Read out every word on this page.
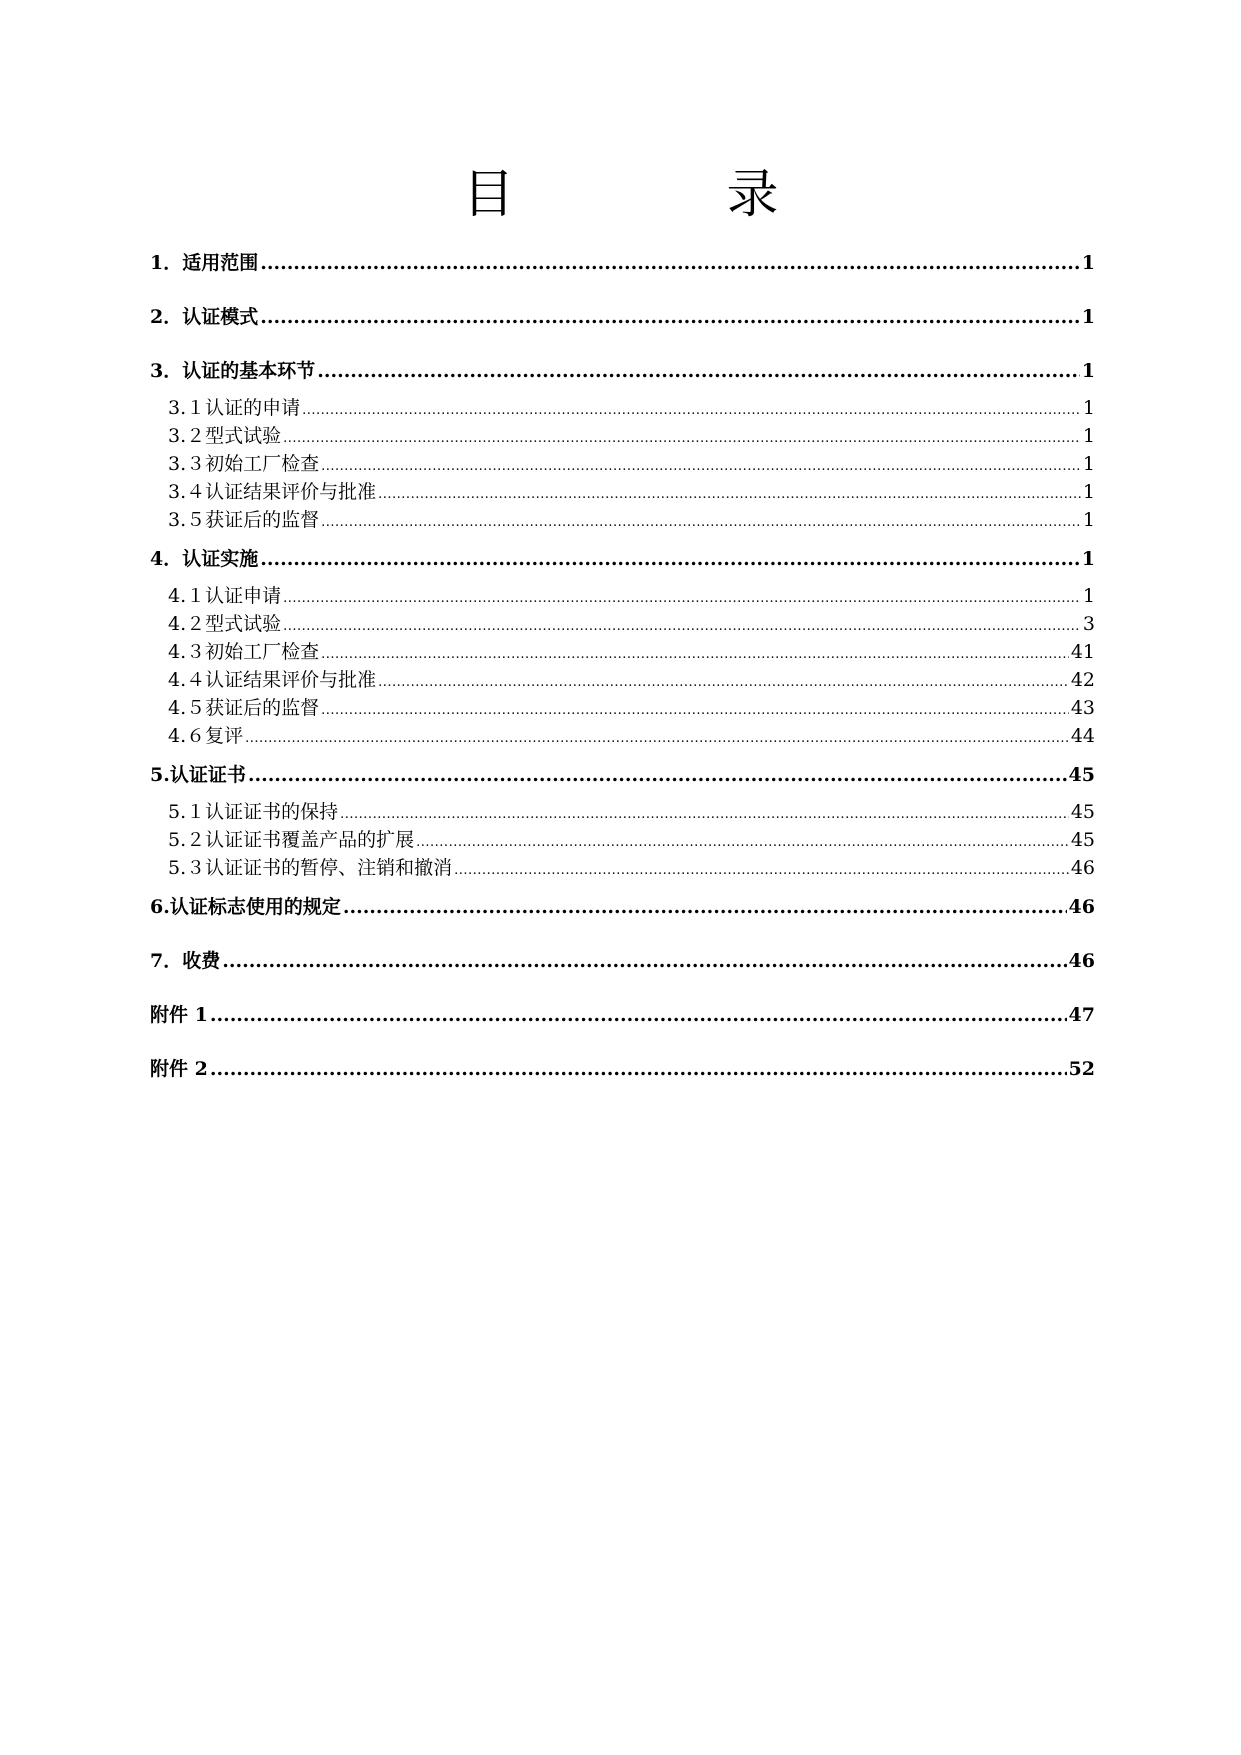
目　录
1．适用范围 .....	1
2．认证模式 .....	1
3．认证的基本环节 .....	1
3.１认证的申请 .....	1
3.２型式试验 .....	1
3.３初始工厂检查 .....	1
3.４认证结果评价与批准 .....	1
3.５获证后的监督 .....	1
4．认证实施 .....	1
4.１认证申请 .....	1
4.２型式试验 .....	3
4.３初始工厂检查 .....	41
4.４认证结果评价与批准 .....	42
4.５获证后的监督 .....	43
4.６复评 .....	44
5.认证证书 .....	45
5.１认证证书的保持 .....	45
5.２认证证书覆盖产品的扩展 .....	45
5.３认证证书的暂停、注销和撤消 .....	46
6.认证标志使用的规定 .....	46
7．收费 .....	46
附件 1 .....	47
附件 2 .....	52
